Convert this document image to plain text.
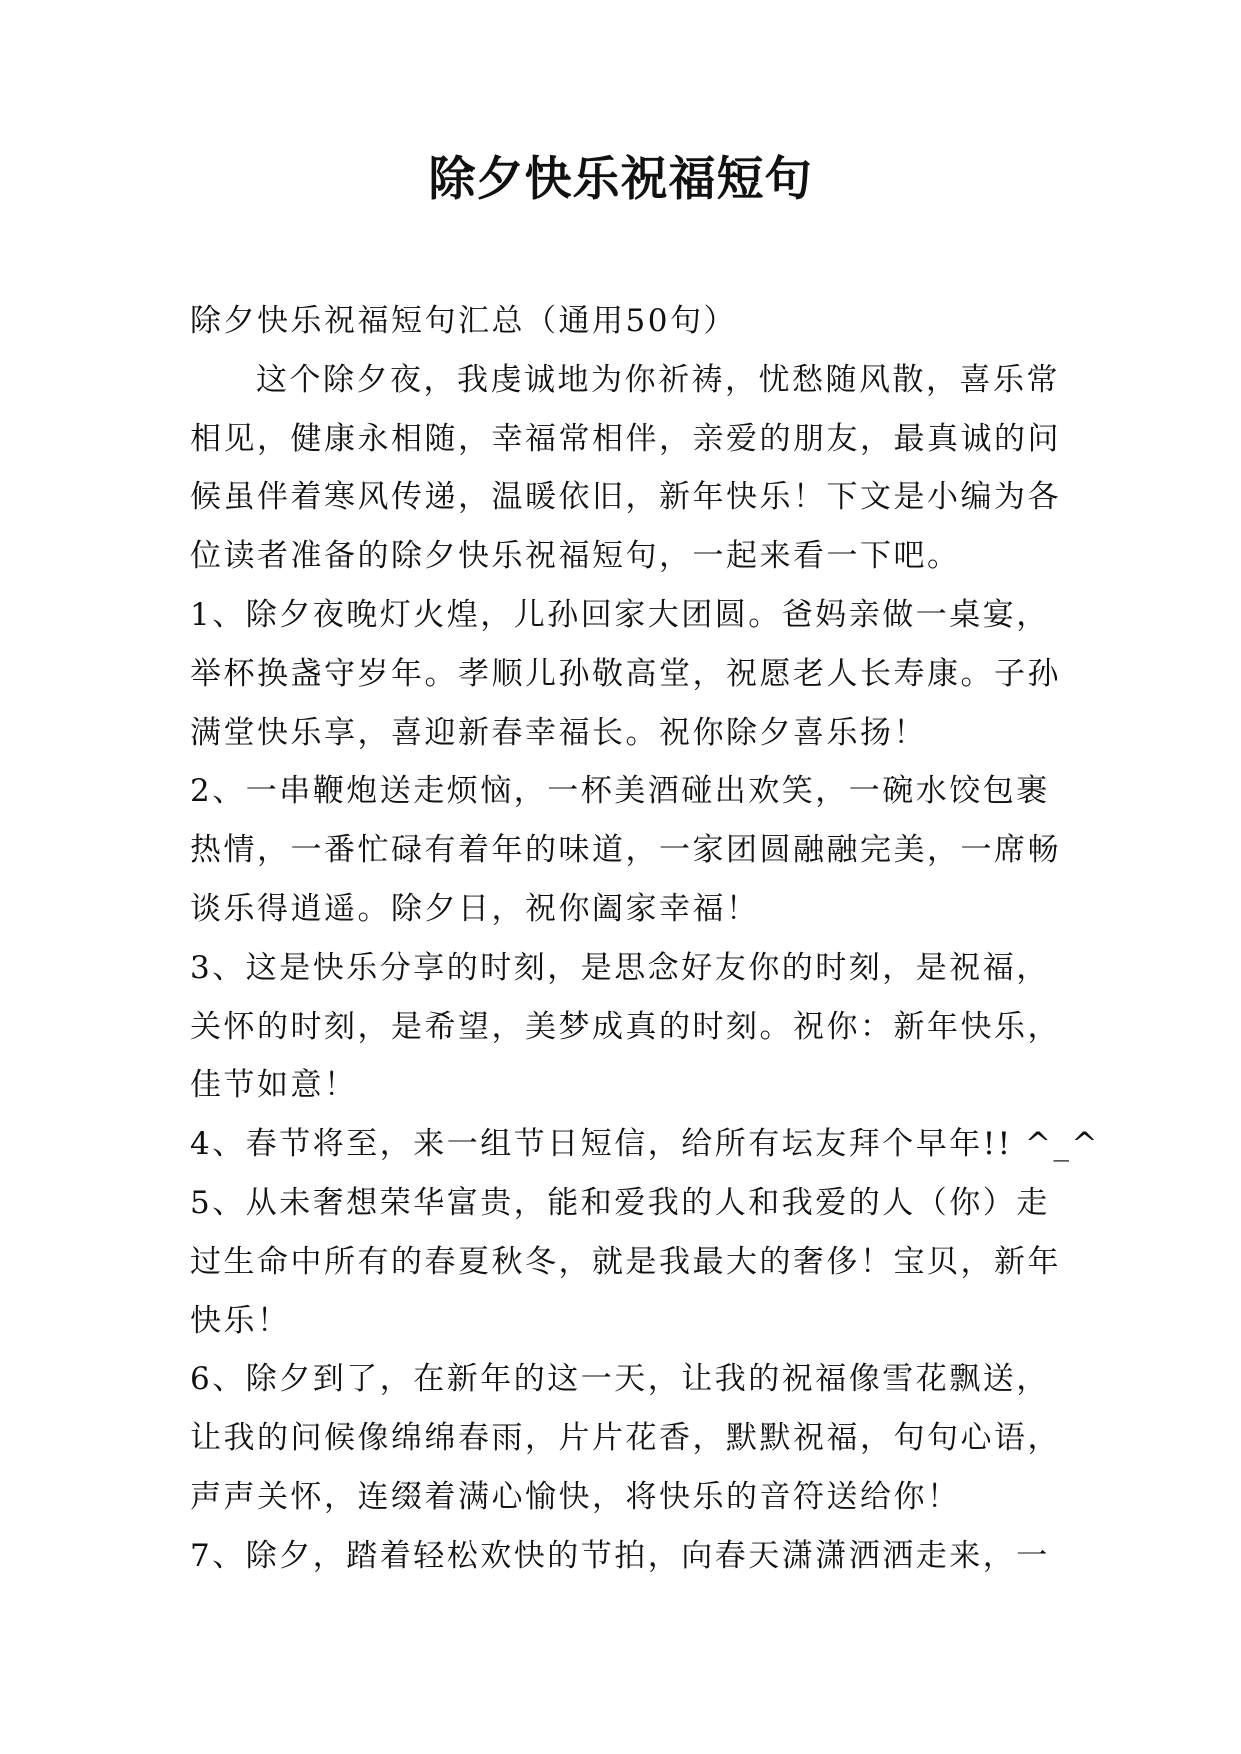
除夕快乐祝福短句
除夕快乐祝福短句汇总（通用50句）
这个除夕夜，我虔诚地为你祈祷，忧愁随风散，喜乐常
相见，健康永相随，幸福常相伴，亲爱的朋友，最真诚的问
候虽伴着寒风传递，温暖依旧，新年快乐！下文是小编为各
位读者准备的除夕快乐祝福短句，一起来看一下吧。
1、除夕夜晚灯火煌，儿孙回家大团圆。爸妈亲做一桌宴，
举杯换盏守岁年。孝顺儿孙敬高堂，祝愿老人长寿康。子孙
满堂快乐享，喜迎新春幸福长。祝你除夕喜乐扬！
2、一串鞭炮送走烦恼，一杯美酒碰出欢笑，一碗水饺包裹
热情，一番忙碌有着年的味道，一家团圆融融完美，一席畅
谈乐得逍遥。除夕日，祝你阖家幸福！
3、这是快乐分享的时刻，是思念好友你的时刻，是祝福，
关怀的时刻，是希望，美梦成真的时刻。祝你：新年快乐，
佳节如意！
4、春节将至，来一组节日短信，给所有坛友拜个早年!! ^_^
5、从未奢想荣华富贵，能和爱我的人和我爱的人（你）走
过生命中所有的春夏秋冬，就是我最大的奢侈！宝贝，新年
快乐！
6、除夕到了，在新年的这一天，让我的祝福像雪花飘送，
让我的问候像绵绵春雨，片片花香，默默祝福，句句心语，
声声关怀，连缀着满心愉快，将快乐的音符送给你！
7、除夕，踏着轻松欢快的节拍，向春天潇潇洒洒走来，一
